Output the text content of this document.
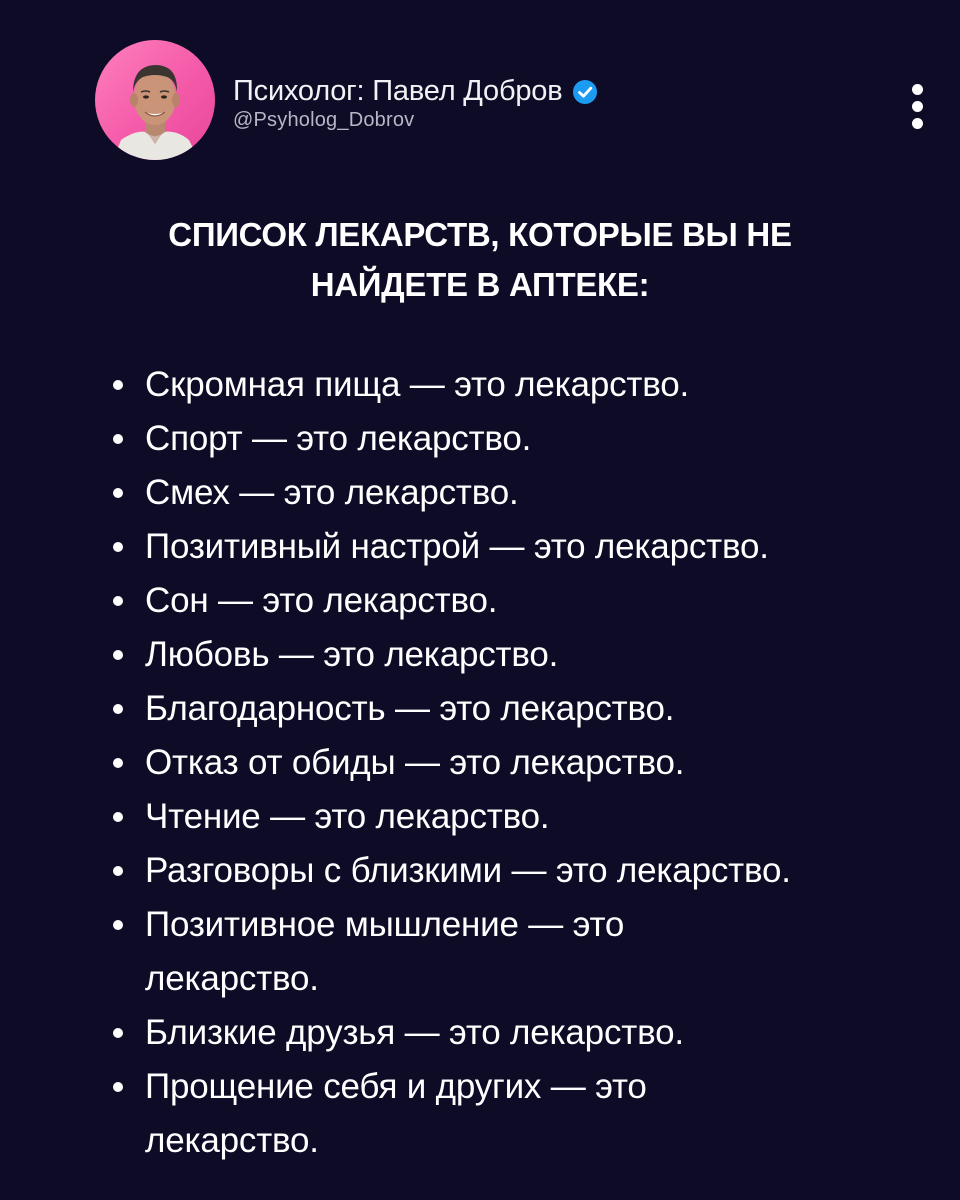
Психолог: Павел Добров
@Psyholog_Dobrov
СПИСОК ЛЕКАРСТВ, КОТОРЫЕ ВЫ НЕ
НАЙДЕТЕ В АПТЕКЕ:
Скромная пища — это лекарство.
Спорт — это лекарство.
Смех — это лекарство.
Позитивный настрой — это лекарство.
Сон — это лекарство.
Любовь — это лекарство.
Благодарность — это лекарство.
Отказ от обиды — это лекарство.
Чтение — это лекарство.
Разговоры с близкими — это лекарство.
Позитивное мышление — это лекарство.
Близкие друзья — это лекарство.
Прощение себя и других — это лекарство.
